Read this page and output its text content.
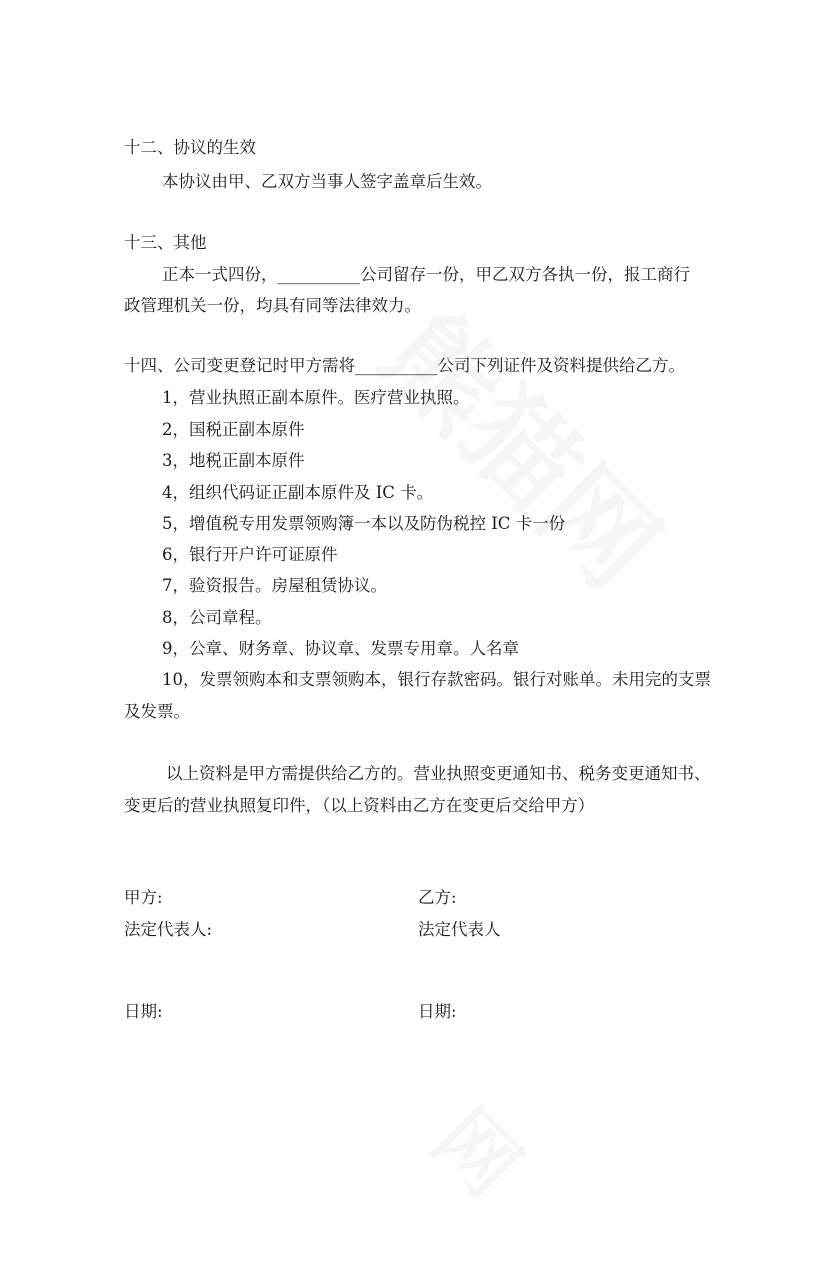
十二、协议的生效
本协议由甲、乙双方当事人签字盖章后生效。
十三、其他
正本一式四份，__________公司留存一份，甲乙双方各执一份，报工商行
政管理机关一份，均具有同等法律效力。
十四、公司变更登记时甲方需将__________公司下列证件及资料提供给乙方。
1，营业执照正副本原件。医疗营业执照。
2，国税正副本原件
3，地税正副本原件
4，组织代码证正副本原件及 IC 卡。
5，增值税专用发票领购簿一本以及防伪税控 IC 卡一份
6，银行开户许可证原件
7，验资报告。房屋租赁协议。
8，公司章程。
9，公章、财务章、协议章、发票专用章。人名章
10，发票领购本和支票领购本，银行存款密码。银行对账单。未用完的支票
及发票。
以上资料是甲方需提供给乙方的。营业执照变更通知书、税务变更通知书、
变更后的营业执照复印件，（以上资料由乙方在变更后交给甲方）
甲方:	乙方:
法定代表人:	法定代表人
日期:	日期:
